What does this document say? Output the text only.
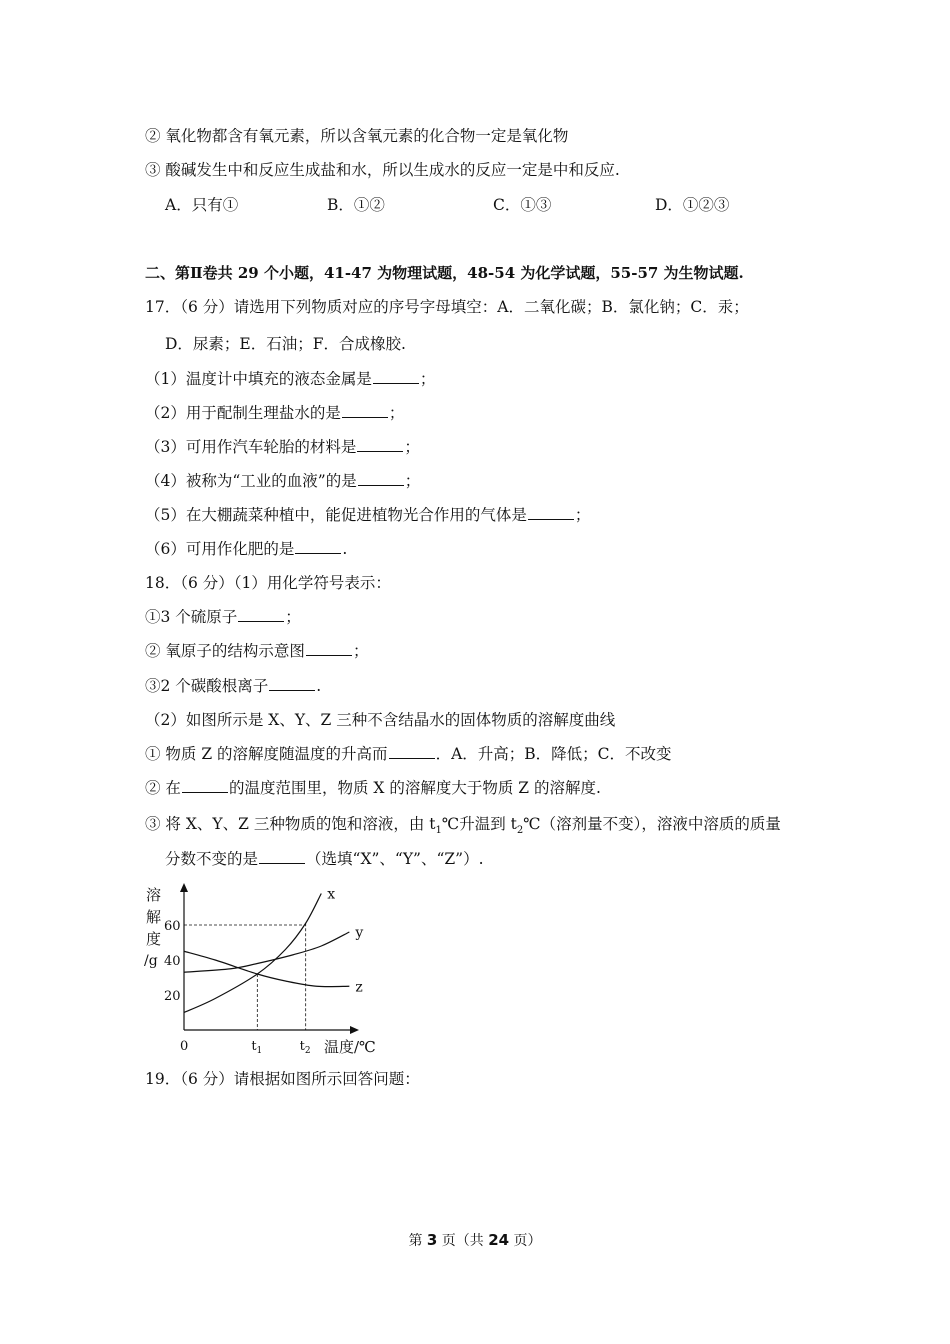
② 氧化物都含有氧元素，所以含氧元素的化合物一定是氧化物
③ 酸碱发生中和反应生成盐和水，所以生成水的反应一定是中和反应.
A．只有①	B．①②	C．①③	D．①②③
二、第Ⅱ卷共 29 个小题，41-47 为物理试题，48-54 为化学试题，55-57 为生物试题.
17．（6 分）请选用下列物质对应的序号字母填空：A．二氧化碳；B．氯化钠；C．汞；
D．尿素；E．石油；F．合成橡胶.
（1）温度计中填充的液态金属是	；
（2）用于配制生理盐水的是	；
（3）可用作汽车轮胎的材料是	；
（4）被称为“工业的血液”的是	；
（5）在大棚蔬菜种植中，能促进植物光合作用的气体是	；
（6）可用作化肥的是	.
18．（6 分）（1）用化学符号表示：
①3 个硫原子	；
② 氧原子的结构示意图	；
③2 个碳酸根离子	.
（2）如图所示是 X、Y、Z 三种不含结晶水的固体物质的溶解度曲线
① 物质 Z 的溶解度随温度的升高而	．A．升高；B．降低；C．不改变
② 在	的温度范围里，物质 X 的溶解度大于物质 Z 的溶解度.
③ 将 X、Y、Z 三种物质的饱和溶液，由 $t_1℃$升温到 $t_2℃$（溶剂量不变），溶液中溶质的质量
分数不变的是	（选填“X”、“Y”、“Z”）.
20
40
60
$t_1$	$t_2$
x
y
z
溶
解
度
/g
0	温度/℃
19．（6 分）请根据如图所示回答问题：
第 3 页（共 24 页）
